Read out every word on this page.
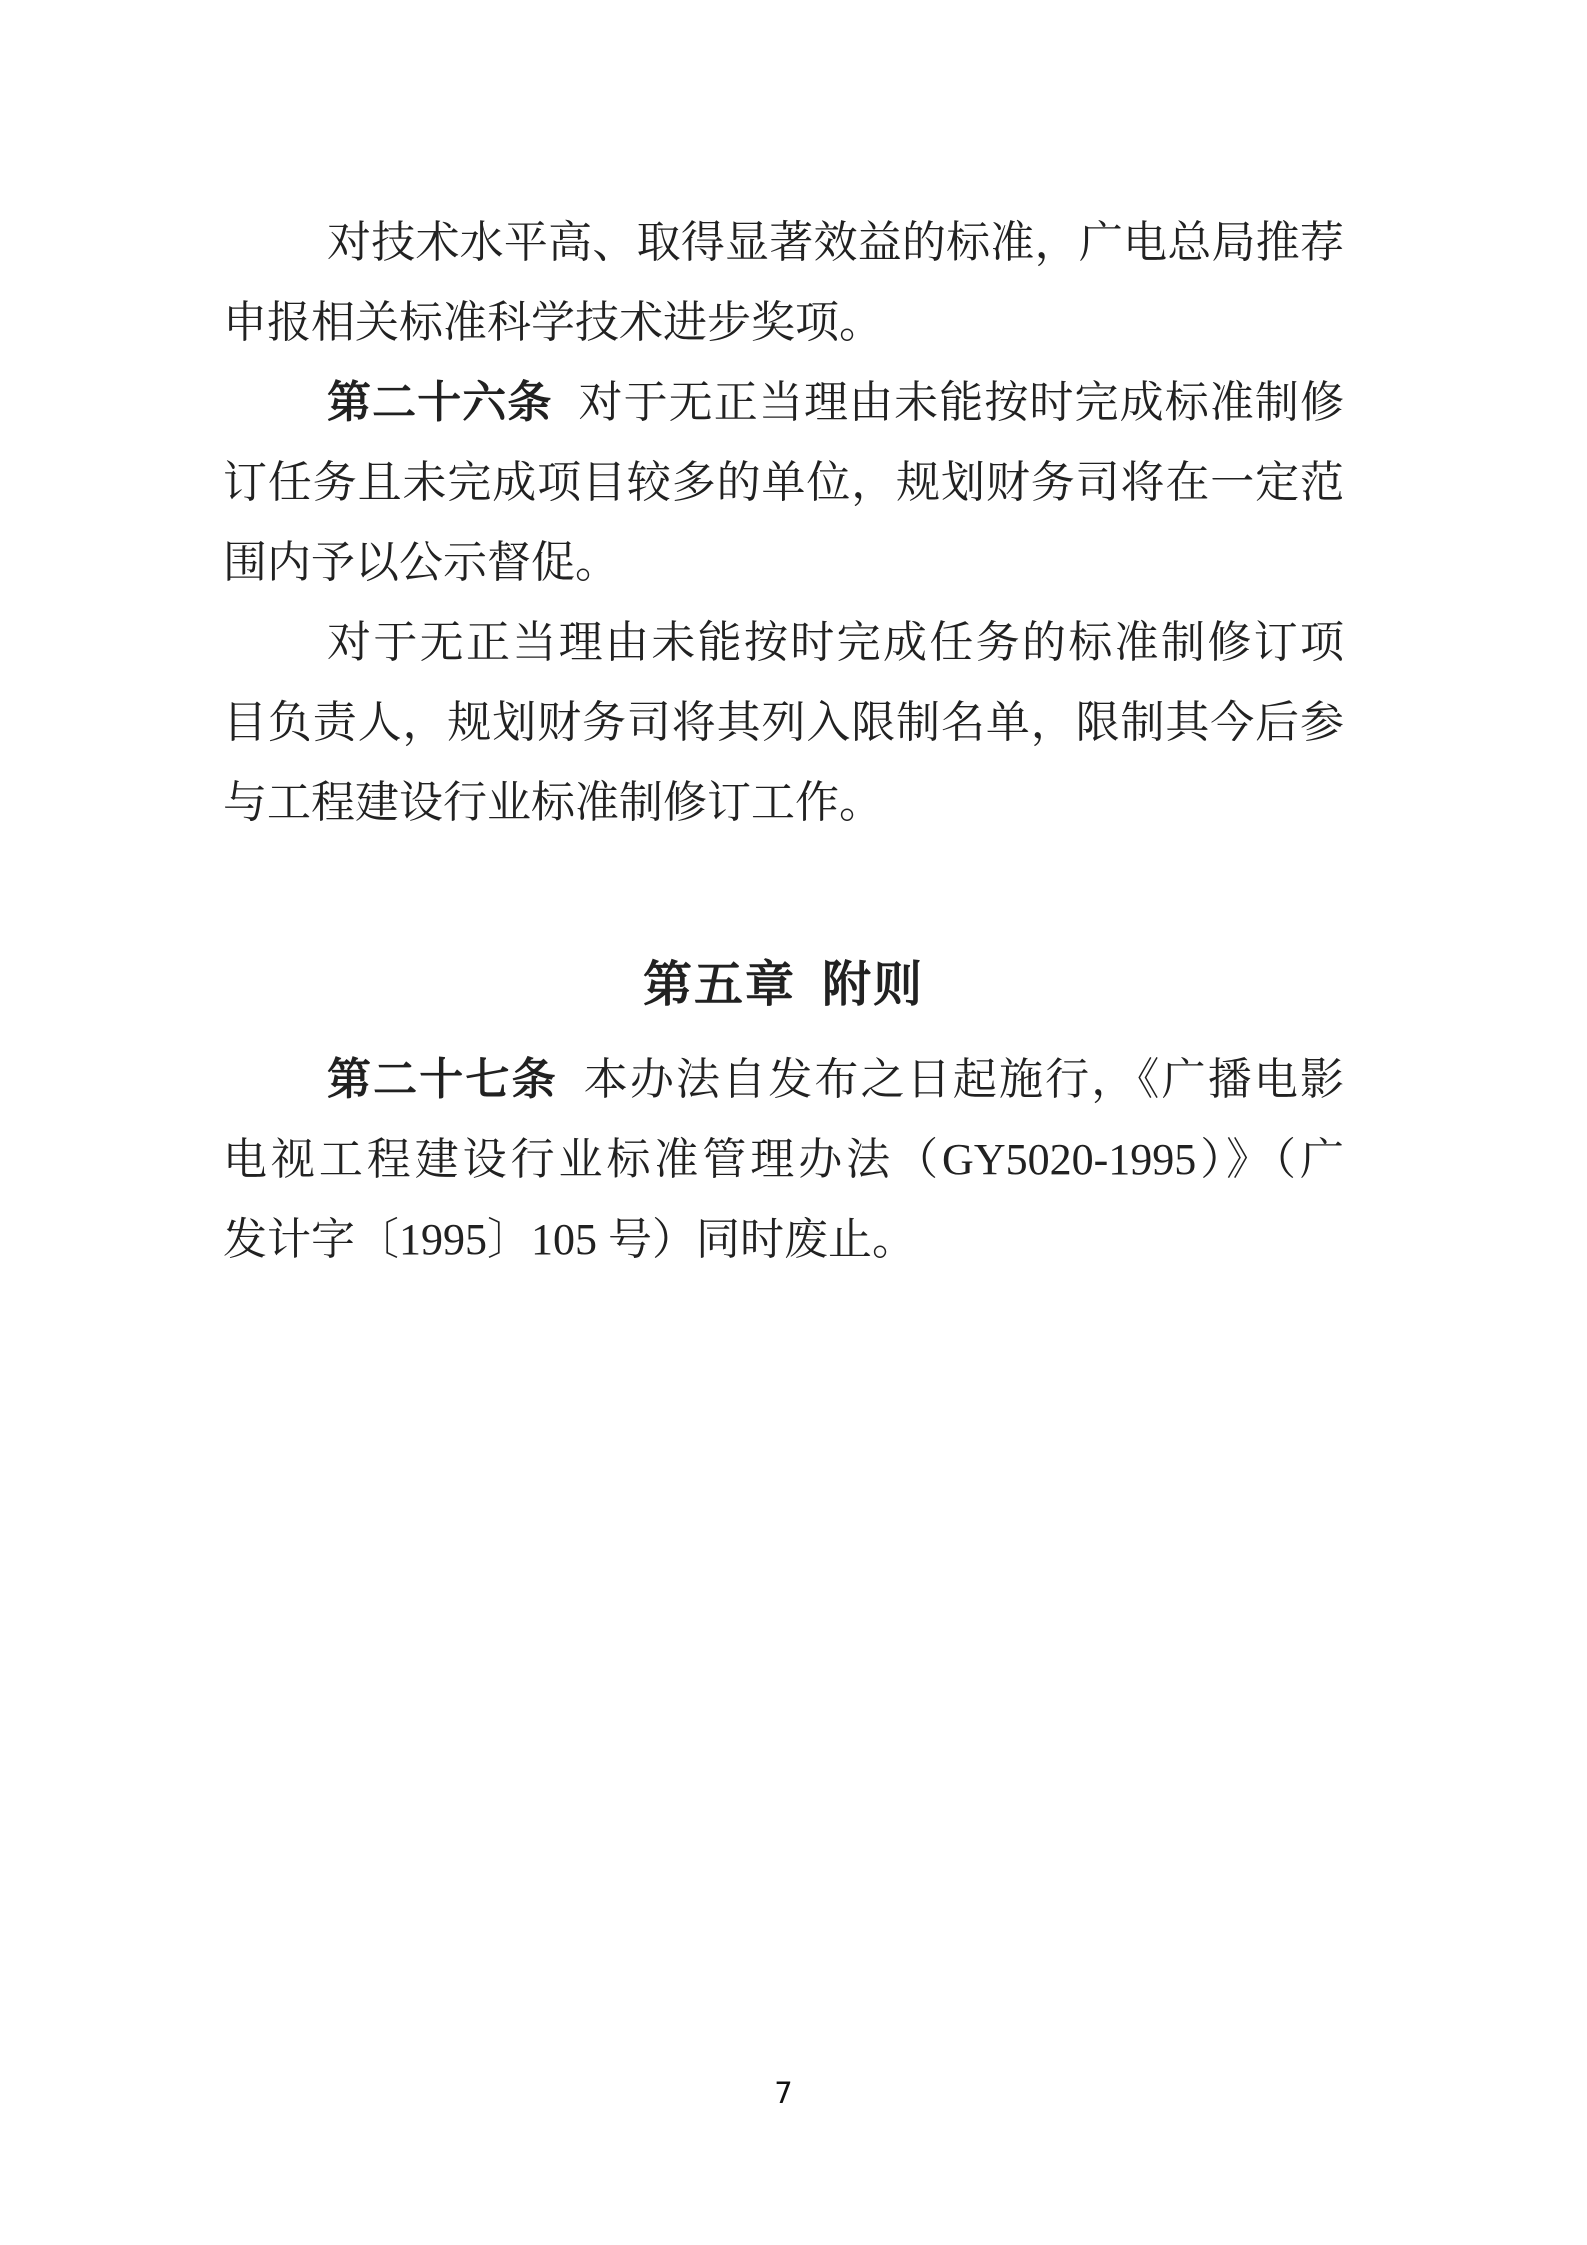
对技术水平高、取得显著效益的标准，广电总局推荐
申报相关标准科学技术进步奖项。
第二十六条 对于无正当理由未能按时完成标准制修
订任务且未完成项目较多的单位，规划财务司将在一定范
围内予以公示督促。
对于无正当理由未能按时完成任务的标准制修订项
目负责人，规划财务司将其列入限制名单，限制其今后参
与工程建设行业标准制修订工作。
第五章 附则
第二十七条 本办法自发布之日起施行，《广播电影
电视工程建设行业标准管理办法（GY5020-1995）》（广
发计字〔1995〕105 号）同时废止。
7
